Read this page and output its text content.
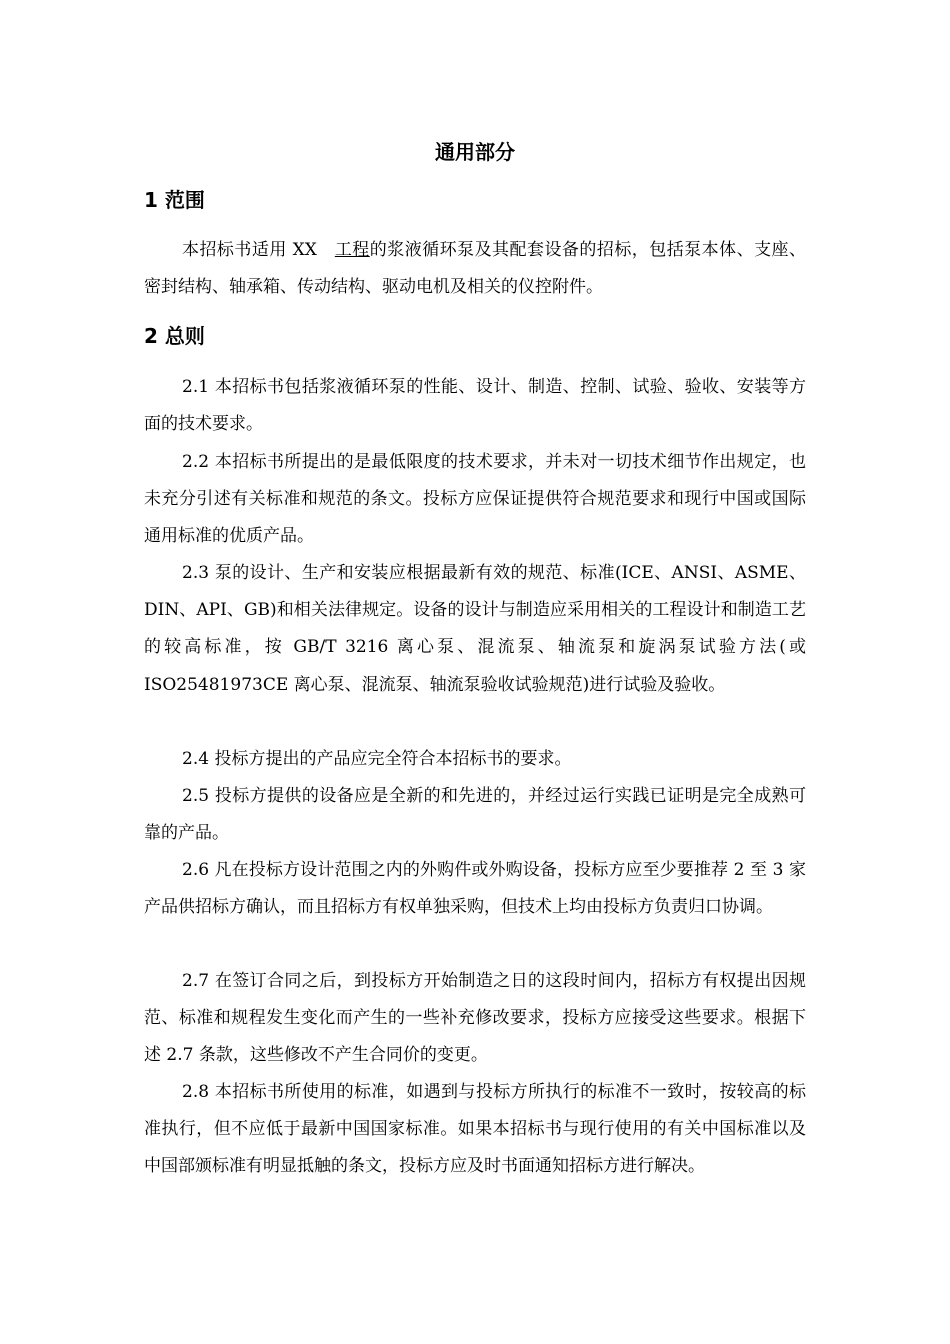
通用部分
1 范围

本招标书适用 XX　工程的浆液循环泵及其配套设备的招标，包括泵本体、支座、密封结构、轴承箱、传动结构、驱动电机及相关的仪控附件。

2 总则

2.1 本招标书包括浆液循环泵的性能、设计、制造、控制、试验、验收、安装等方面的技术要求。

2.2 本招标书所提出的是最低限度的技术要求，并未对一切技术细节作出规定，也未充分引述有关标准和规范的条文。投标方应保证提供符合规范要求和现行中国或国际通用标准的优质产品。

2.3 泵的设计、生产和安装应根据最新有效的规范、标准(ICE、ANSI、ASME、DIN、API、GB)和相关法律规定。设备的设计与制造应采用相关的工程设计和制造工艺的较高标准，按 GB/T 3216 离心泵、混流泵、轴流泵和旋涡泵试验方法(或 ISO25481973CE 离心泵、混流泵、轴流泵验收试验规范)进行试验及验收。

2.4 投标方提出的产品应完全符合本招标书的要求。

2.5 投标方提供的设备应是全新的和先进的，并经过运行实践已证明是完全成熟可靠的产品。

2.6 凡在投标方设计范围之内的外购件或外购设备，投标方应至少要推荐 2 至 3 家产品供招标方确认，而且招标方有权单独采购，但技术上均由投标方负责归口协调。

2.7 在签订合同之后，到投标方开始制造之日的这段时间内，招标方有权提出因规范、标准和规程发生变化而产生的一些补充修改要求，投标方应接受这些要求。根据下述 2.7 条款，这些修改不产生合同价的变更。

2.8 本招标书所使用的标准，如遇到与投标方所执行的标准不一致时，按较高的标准执行，但不应低于最新中国国家标准。如果本招标书与现行使用的有关中国标准以及中国部颁标准有明显抵触的条文，投标方应及时书面通知招标方进行解决。
